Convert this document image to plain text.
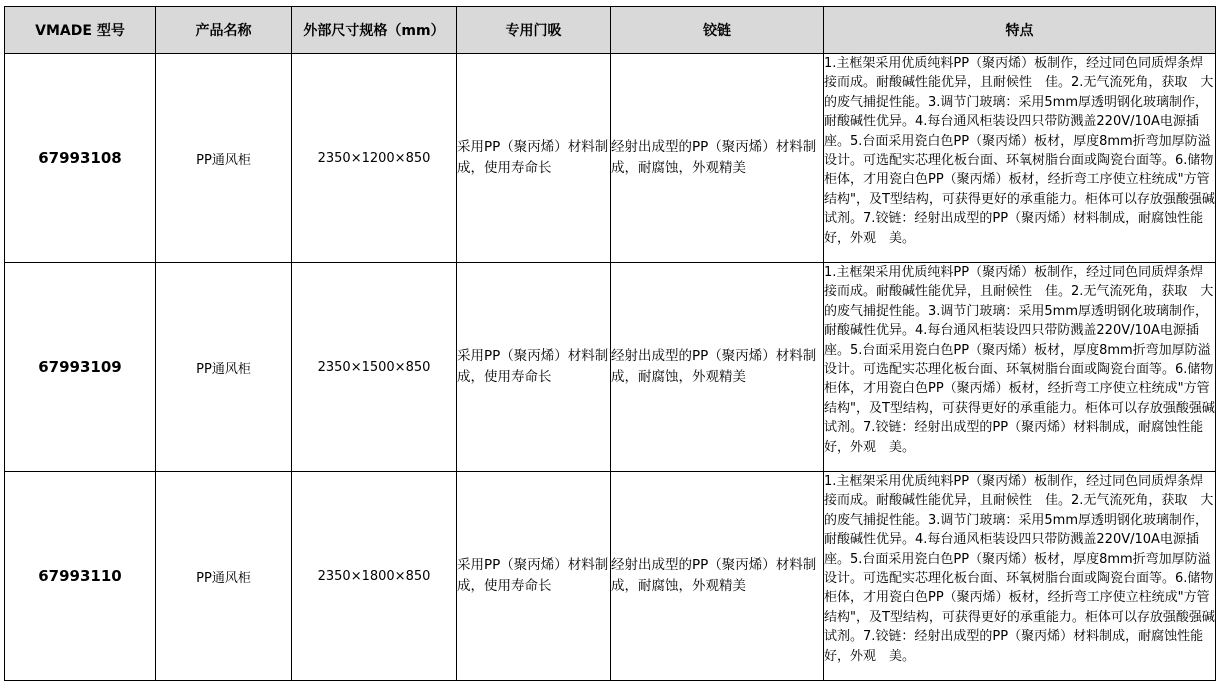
VMADE 型号	产品名称	外部尺寸规格（mm）	专用门吸	铰链	特点
67993108	PP通风柜	2350×1200×850	采用PP（聚丙烯）材料制成，使用寿命长	经射出成型的PP（聚丙烯）材料制成，耐腐蚀，外观精美	1.主框架采用优质纯料PP（聚丙烯）板制作，经过同色同质焊条焊接而成。耐酸碱性能优异，且耐候性　佳。2.无气流死角，获取　大的废气捕捉性能。3.调节门玻璃：采用5mm厚透明钢化玻璃制作，耐酸碱性优异。4.每台通风柜装设四只带防溅盖220V/10A电源插座。5.台面采用瓷白色PP（聚丙烯）板材，厚度8mm折弯加厚防溢设计。可选配实芯理化板台面、环氧树脂台面或陶瓷台面等。6.储物柜体，才用瓷白色PP（聚丙烯）板材，经折弯工序使立柱统成"方管结构"，及T型结构，可获得更好的承重能力。柜体可以存放强酸强碱试剂。7.铰链：经射出成型的PP（聚丙烯）材料制成，耐腐蚀性能好，外观　美。
67993109	PP通风柜	2350×1500×850	采用PP（聚丙烯）材料制成，使用寿命长	经射出成型的PP（聚丙烯）材料制成，耐腐蚀，外观精美	1.主框架采用优质纯料PP（聚丙烯）板制作，经过同色同质焊条焊接而成。耐酸碱性能优异，且耐候性　佳。2.无气流死角，获取　大的废气捕捉性能。3.调节门玻璃：采用5mm厚透明钢化玻璃制作，耐酸碱性优异。4.每台通风柜装设四只带防溅盖220V/10A电源插座。5.台面采用瓷白色PP（聚丙烯）板材，厚度8mm折弯加厚防溢设计。可选配实芯理化板台面、环氧树脂台面或陶瓷台面等。6.储物柜体，才用瓷白色PP（聚丙烯）板材，经折弯工序使立柱统成"方管结构"，及T型结构，可获得更好的承重能力。柜体可以存放强酸强碱试剂。7.铰链：经射出成型的PP（聚丙烯）材料制成，耐腐蚀性能好，外观　美。
67993110	PP通风柜	2350×1800×850	采用PP（聚丙烯）材料制成，使用寿命长	经射出成型的PP（聚丙烯）材料制成，耐腐蚀，外观精美	1.主框架采用优质纯料PP（聚丙烯）板制作，经过同色同质焊条焊接而成。耐酸碱性能优异，且耐候性　佳。2.无气流死角，获取　大的废气捕捉性能。3.调节门玻璃：采用5mm厚透明钢化玻璃制作，耐酸碱性优异。4.每台通风柜装设四只带防溅盖220V/10A电源插座。5.台面采用瓷白色PP（聚丙烯）板材，厚度8mm折弯加厚防溢设计。可选配实芯理化板台面、环氧树脂台面或陶瓷台面等。6.储物柜体，才用瓷白色PP（聚丙烯）板材，经折弯工序使立柱统成"方管结构"，及T型结构，可获得更好的承重能力。柜体可以存放强酸强碱试剂。7.铰链：经射出成型的PP（聚丙烯）材料制成，耐腐蚀性能好，外观　美。
